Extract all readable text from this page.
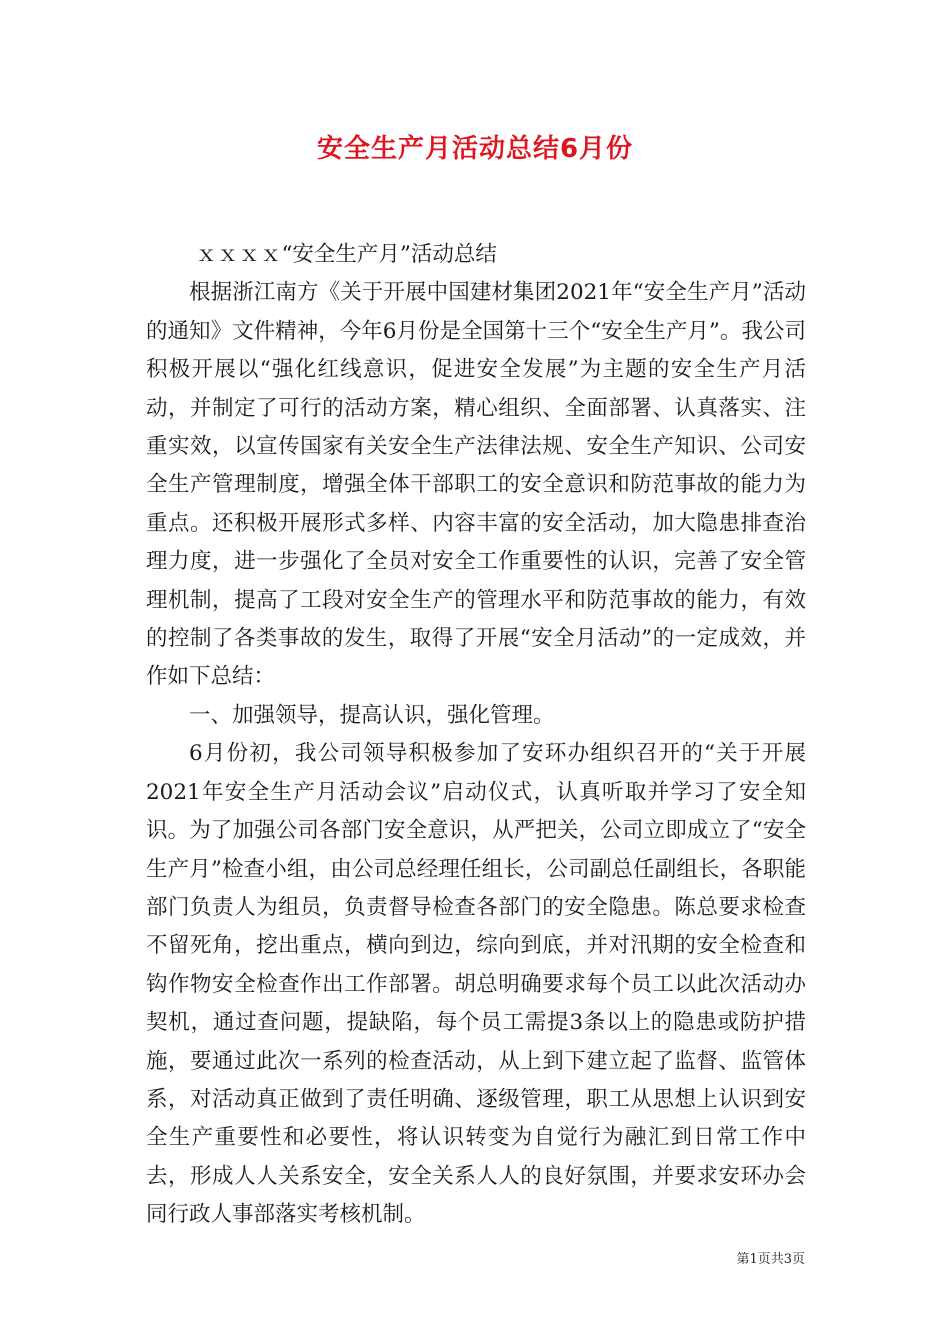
安全生产月活动总结6月份

ｘｘｘｘ“安全生产月”活动总结

根据浙江南方《关于开展中国建材集团2021年“安全生产月”活动的通知》文件精神，今年6月份是全国第十三个“安全生产月”。我公司积极开展以“强化红线意识，促进安全发展”为主题的安全生产月活动，并制定了可行的活动方案，精心组织、全面部署、认真落实、注重实效，以宣传国家有关安全生产法律法规、安全生产知识、公司安全生产管理制度，增强全体干部职工的安全意识和防范事故的能力为重点。还积极开展形式多样、内容丰富的安全活动，加大隐患排查治理力度，进一步强化了全员对安全工作重要性的认识，完善了安全管理机制，提高了工段对安全生产的管理水平和防范事故的能力，有效的控制了各类事故的发生，取得了开展“安全月活动”的一定成效，并作如下总结：

一、加强领导，提高认识，强化管理。

6月份初，我公司领导积极参加了安环办组织召开的“关于开展2021年安全生产月活动会议”启动仪式，认真听取并学习了安全知识。为了加强公司各部门安全意识，从严把关，公司立即成立了“安全生产月”检查小组，由公司总经理任组长，公司副总任副组长，各职能部门负责人为组员，负责督导检查各部门的安全隐患。陈总要求检查不留死角，挖出重点，横向到边，综向到底，并对汛期的安全检查和钩作物安全检查作出工作部署。胡总明确要求每个员工以此次活动办契机，通过查问题，提缺陷，每个员工需提3条以上的隐患或防护措施，要通过此次一系列的检查活动，从上到下建立起了监督、监管体系，对活动真正做到了责任明确、逐级管理，职工从思想上认识到安全生产重要性和必要性，将认识转变为自觉行为融汇到日常工作中去，形成人人关系安全，安全关系人人的良好氛围，并要求安环办会同行政人事部落实考核机制。

第1页共3页
